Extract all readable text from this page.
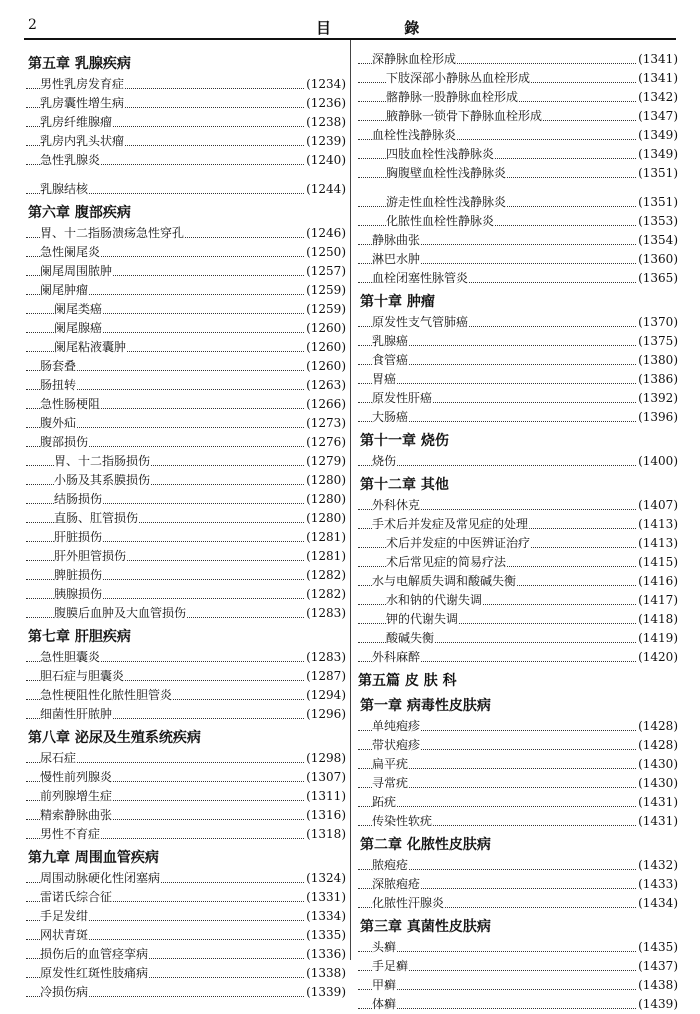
2	目 錄
第五章 乳腺疾病
男性乳房发育症	(1234)
乳房囊性增生病	(1236)
乳房纤维腺瘤	(1238)
乳房内乳头状瘤	(1239)
急性乳腺炎	(1240)
乳腺结核	(1244)
第六章 腹部疾病
胃、十二指肠溃疡急性穿孔	(1246)
急性阑尾炎	(1250)
阑尾周围脓肿	(1257)
阑尾肿瘤	(1259)
阑尾类癌	(1259)
阑尾腺癌	(1260)
阑尾粘液囊肿	(1260)
肠套叠	(1260)
肠扭转	(1263)
急性肠梗阻	(1266)
腹外疝	(1273)
腹部损伤	(1276)
胃、十二指肠损伤	(1279)
小肠及其系膜损伤	(1280)
结肠损伤	(1280)
直肠、肛管损伤	(1280)
肝脏损伤	(1281)
肝外胆管损伤	(1281)
脾脏损伤	(1282)
胰腺损伤	(1282)
腹膜后血肿及大血管损伤	(1283)
第七章 肝胆疾病
急性胆囊炎	(1283)
胆石症与胆囊炎	(1287)
急性梗阻性化脓性胆管炎	(1294)
细菌性肝脓肿	(1296)
第八章 泌尿及生殖系统疾病
尿石症	(1298)
慢性前列腺炎	(1307)
前列腺增生症	(1311)
精索静脉曲张	(1316)
男性不育症	(1318)
第九章 周围血管疾病
周围动脉硬化性闭塞病	(1324)
雷诺氏综合征	(1331)
手足发绀	(1334)
网状青斑	(1335)
损伤后的血管痉挛病	(1336)
原发性红斑性肢痛病	(1338)
冷损伤病	(1339)
深静脉血栓形成	(1341)
下肢深部小静脉丛血栓形成	(1341)
髂静脉一股静脉血栓形成	(1342)
腋静脉一锁骨下静脉血栓形成	(1347)
血栓性浅静脉炎	(1349)
四肢血栓性浅静脉炎	(1349)
胸腹壁血栓性浅静脉炎	(1351)
游走性血栓性浅静脉炎	(1351)
化脓性血栓性静脉炎	(1353)
静脉曲张	(1354)
淋巴水肿	(1360)
血栓闭塞性脉管炎	(1365)
第十章 肿瘤
原发性支气管肺癌	(1370)
乳腺癌	(1375)
食管癌	(1380)
胃癌	(1386)
原发性肝癌	(1392)
大肠癌	(1396)
第十一章 烧伤
烧伤	(1400)
第十二章 其他
外科休克	(1407)
手术后并发症及常见症的处理	(1413)
术后并发症的中医辨证治疗	(1413)
术后常见症的简易疗法	(1415)
水与电解质失调和酸碱失衡	(1416)
水和钠的代谢失调	(1417)
钾的代谢失调	(1418)
酸碱失衡	(1419)
外科麻醉	(1420)
第五篇 皮 肤 科
第一章 病毒性皮肤病
单纯疱疹	(1428)
带状疱疹	(1428)
扁平疣	(1430)
寻常疣	(1430)
跖疣	(1431)
传染性软疣	(1431)
第二章 化脓性皮肤病
脓疱疮	(1432)
深脓疱疮	(1433)
化脓性汗腺炎	(1434)
第三章 真菌性皮肤病
头癣	(1435)
手足癣	(1437)
甲癣	(1438)
体癣	(1439)
